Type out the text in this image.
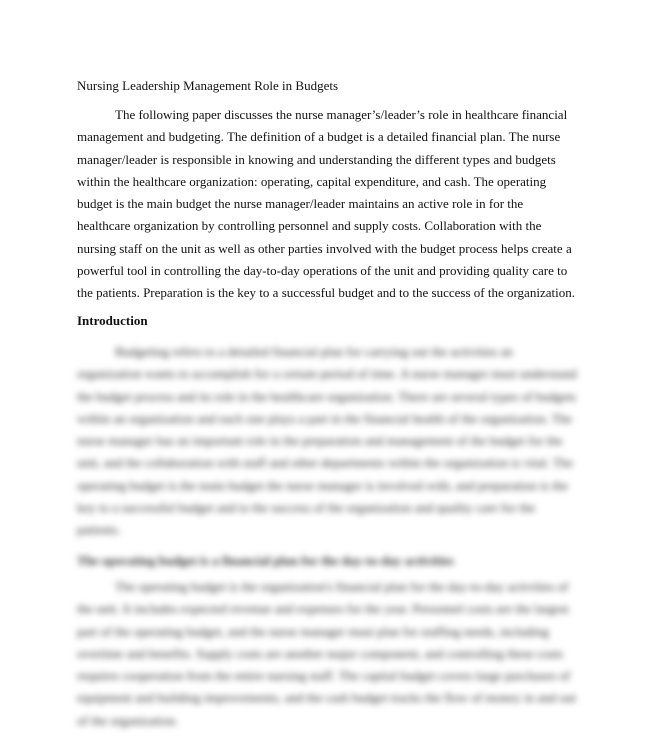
Nursing Leadership Management Role in Budgets

The following paper discusses the nurse manager’s/leader’s role in healthcare financial management and budgeting. The definition of a budget is a detailed financial plan. The nurse manager/leader is responsible in knowing and understanding the different types and budgets within the healthcare organization: operating, capital expenditure, and cash. The operating budget is the main budget the nurse manager/leader maintains an active role in for the healthcare organization by controlling personnel and supply costs. Collaboration with the nursing staff on the unit as well as other parties involved with the budget process helps create a powerful tool in controlling the day-to-day operations of the unit and providing quality care to the patients. Preparation is the key to a successful budget and to the success of the organization.

Introduction

Budgeting refers to a detailed financial plan for carrying out the activities an organization wants to accomplish for a certain period of time. A nurse manager must understand the budget process and its role in the healthcare organization. There are several types of budgets within an organization and each one plays a part in the financial health of the organization. The nurse manager has an important role in the preparation and management of the budget for the unit, and the collaboration with staff and other departments within the organization is vital. The operating budget is the main budget the nurse manager is involved with, and preparation is the key to a successful budget and to the success of the organization and quality care for the patients.

The operating budget is a financial plan for the day-to-day activities

The operating budget is the organization's financial plan for the day-to-day activities of the unit. It includes expected revenue and expenses for the year. Personnel costs are the largest part of the operating budget, and the nurse manager must plan for staffing needs, including overtime and benefits. Supply costs are another major component, and controlling these costs requires cooperation from the entire nursing staff. The capital budget covers large purchases of equipment and building improvements, and the cash budget tracks the flow of money in and out of the organization.
